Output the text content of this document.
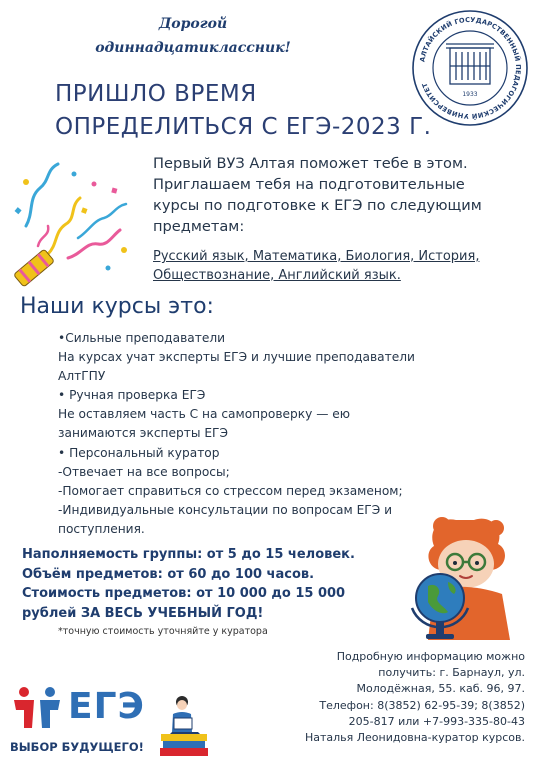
Дорогой
одиннадцатиклассник!
АЛТАЙСКИЙ ГОСУДАРСТВЕННЫЙ ПЕДАГОГИЧЕСКИЙ УНИВЕРСИТЕТ
1933
ПРИШЛО ВРЕМЯ
ОПРЕДЕЛИТЬСЯ С ЕГЭ-2023 Г.
Первый ВУЗ Алтая поможет тебе в этом.
Приглашаем тебя на подготовительные
курсы по подготовке к ЕГЭ по следующим
предметам:
Русский язык, Математика, Биология, История,
Обществознание, Английский язык.
Наши курсы это:
•Сильные преподаватели
На курсах учат эксперты ЕГЭ и лучшие преподаватели
АлтГПУ
• Ручная проверка ЕГЭ
Не оставляем часть С на самопроверку — ею
занимаются эксперты ЕГЭ
• Персональный куратор
-Отвечает на все вопросы;
-Помогает справиться со стрессом перед экзаменом;
-Индивидуальные консультации по вопросам ЕГЭ и
поступления.
Наполняемость группы: от 5 до 15 человек.
Объём предметов: от 60 до 100 часов.
Стоимость предметов: от 10 000 до 15 000
рублей ЗА ВЕСЬ УЧЕБНЫЙ ГОД!
*точную стоимость уточняйте у куратора
Подробную информацию можно
получить: г. Барнаул, ул.
Молодёжная, 55. каб. 96, 97.
Телефон: 8(3852) 62-95-39; 8(3852)
205-817 или +7-993-335-80-43
Наталья Леонидовна-куратор курсов.
ЕГЭ
ВЫБОР БУДУЩЕГО!
